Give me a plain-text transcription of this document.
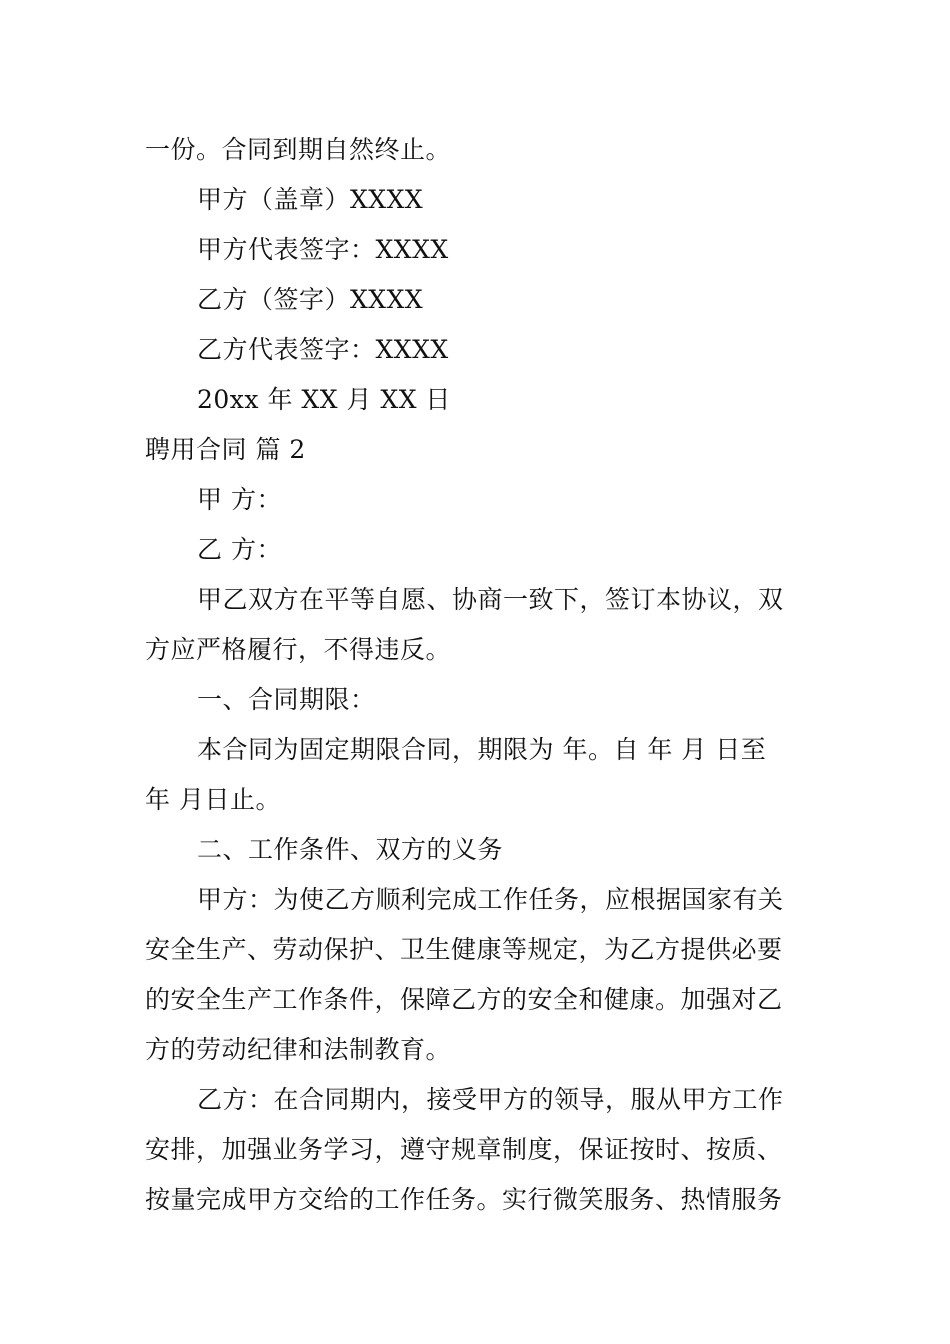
一份。合同到期自然终止。
甲方（盖章）XXXX
甲方代表签字：XXXX
乙方（签字）XXXX
乙方代表签字：XXXX
20xx 年 XX 月 XX 日
聘用合同 篇 2
甲 方：
乙 方：
甲乙双方在平等自愿、协商一致下，签订本协议，双
方应严格履行，不得违反。
一、合同期限：
本合同为固定期限合同，期限为 年。自 年 月 日至
年 月日止。
二、工作条件、双方的义务
甲方：为使乙方顺利完成工作任务，应根据国家有关
安全生产、劳动保护、卫生健康等规定，为乙方提供必要
的安全生产工作条件，保障乙方的安全和健康。加强对乙
方的劳动纪律和法制教育。
乙方：在合同期内，接受甲方的领导，服从甲方工作
安排，加强业务学习，遵守规章制度，保证按时、按质、
按量完成甲方交给的工作任务。实行微笑服务、热情服务
